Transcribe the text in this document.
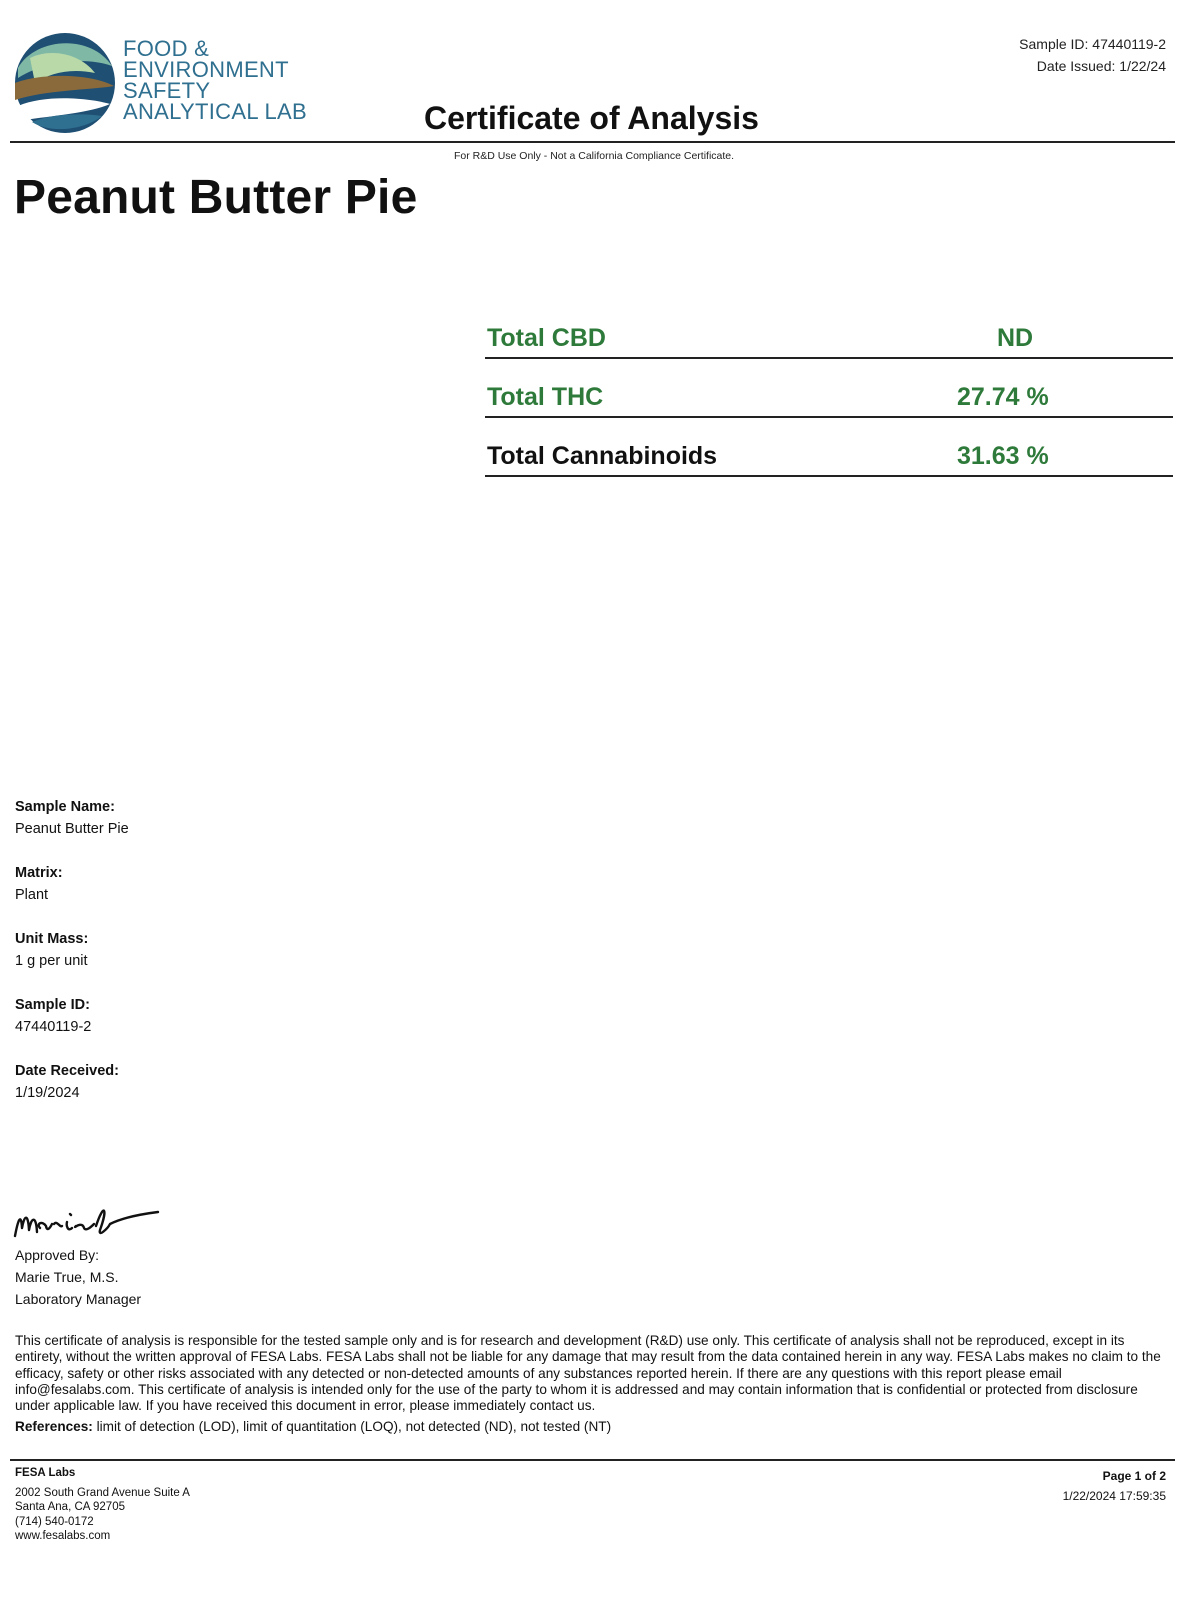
FOOD &
ENVIRONMENT
SAFETY
ANALYTICAL LAB
Sample ID: 47440119-2
Date Issued: 1/22/24
Certificate of Analysis
For R&D Use Only - Not a California Compliance Certificate.
Peanut Butter Pie
Total CBD	ND
Total THC	27.74 %
Total Cannabinoids	31.63 %
Sample Name:
Peanut Butter Pie
Matrix:
Plant
Unit Mass:
1 g per unit
Sample ID:
47440119-2
Date Received:
1/19/2024
Approved By:
Marie True, M.S.
Laboratory Manager
This certificate of analysis is responsible for the tested sample only and is for research and development (R&D) use only. This certificate of analysis shall not be reproduced, except in its entirety, without the written approval of FESA Labs. FESA Labs shall not be liable for any damage that may result from the data contained herein in any way. FESA Labs makes no claim to the efficacy, safety or other risks associated with any detected or non-detected amounts of any substances reported herein. If there are any questions with this report please email info@fesalabs.com. This certificate of analysis is intended only for the use of the party to whom it is addressed and may contain information that is confidential or protected from disclosure under applicable law. If you have received this document in error, please immediately contact us.
References: limit of detection (LOD), limit of quantitation (LOQ), not detected (ND), not tested (NT)
FESA Labs
2002 South Grand Avenue Suite A
Santa Ana, CA 92705
(714) 540-0172
www.fesalabs.com
Page 1 of 2
1/22/2024 17:59:35
